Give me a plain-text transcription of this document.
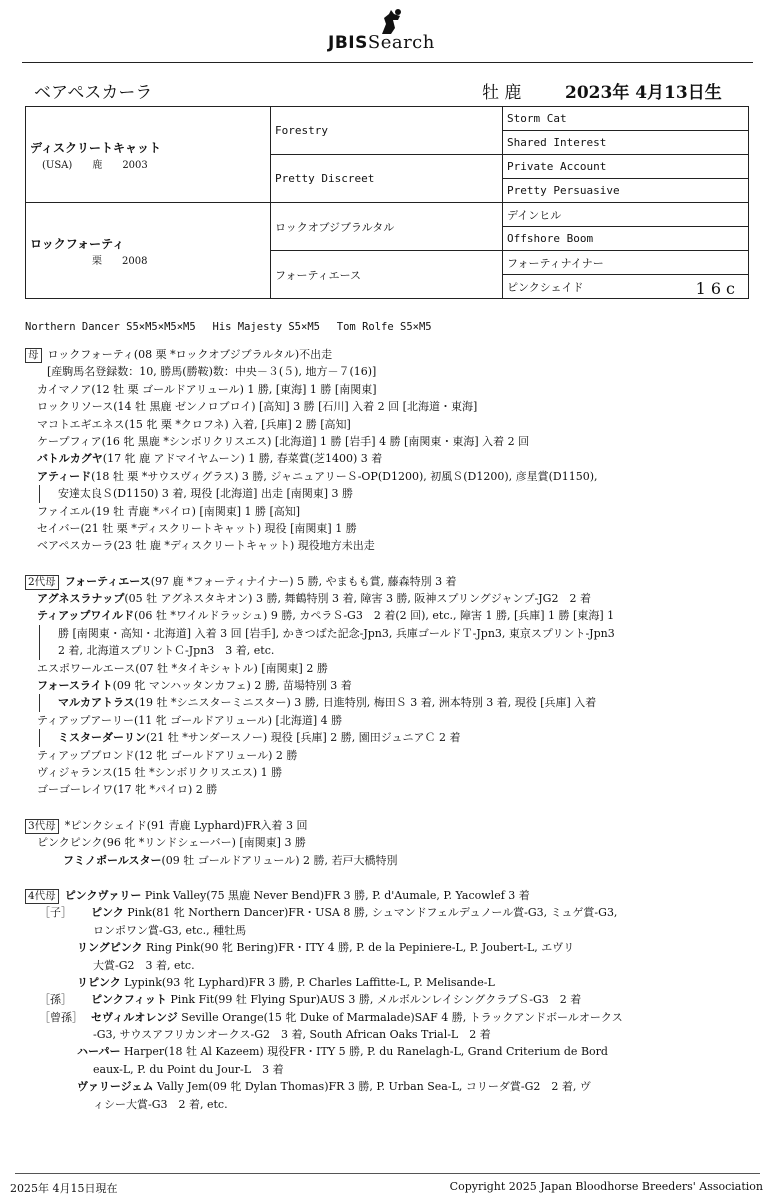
JBISSearch
ベアペスカーラ	牡 鹿	2023年 4月13日生
ディスクリートキャット
(USA)　　 鹿　　 2003	Forestry	Storm Cat
		Shared Interest
	Pretty Discreet	Private Account
		Pretty Persuasive

ロックフォーティ
　　　　　栗　　 2008	ロックオブジブラルタル	デインヒル
		Offshore Boom
	フォーティエース	フォーティナイナー
		ピンクシェイド 16c
Northern Dancer S5×M5×M5×M5　 His Majesty S5×M5　 Tom Rolfe S5×M5
母 ロックフォーティ(08 栗 *ロックオブジブラルタル)不出走
[産駒馬名登録数：10, 勝馬(勝鞍)数：中央－３(５), 地方－７(16)]
カイマノア(12 牡 栗 ゴールドアリュール) 1 勝, [東海] 1 勝 [南関東]
ロックリソース(14 牡 黒鹿 ゼンノロブロイ) [高知] 3 勝 [石川] 入着 2 回 [北海道・東海]
マコトエギエネス(15 牝 栗 *クロフネ) 入着, [兵庫] 2 勝 [高知]
ケープフィア(16 牝 黒鹿 *シンボリクリスエス) [北海道] 1 勝 [岩手] 4 勝 [南関東・東海] 入着 2 回
バトルカグヤ(17 牝 鹿 アドマイヤムーン) 1 勝, 春菜賞(芝1400) 3 着
アティード(18 牡 栗 *サウスヴィグラス) 3 勝, ジャニュアリーＳ-OP(D1200), 初風Ｓ(D1200), 彦星賞(D1150),
安達太良Ｓ(D1150) 3 着, 現役 [北海道] 出走 [南関東] 3 勝
ファイエル(19 牡 青鹿 *パイロ) [南関東] 1 勝 [高知]
セイバー(21 牡 栗 *ディスクリートキャット) 現役 [南関東] 1 勝
ベアペスカーラ(23 牡 鹿 *ディスクリートキャット) 現役地方未出走
2代母 フォーティエース(97 鹿 *フォーティナイナー) 5 勝, やまもも賞, 藤森特別 3 着
アグネスラナップ(05 牡 アグネスタキオン) 3 勝, 舞鶴特別 3 着, 障害 3 勝, 阪神スプリングジャンプ-JG2　2 着
ティアップワイルド(06 牡 *ワイルドラッシュ) 9 勝, カペラＳ-G3　2 着(2 回), etc., 障害 1 勝, [兵庫] 1 勝 [東海] 1
勝 [南関東・高知・北海道] 入着 3 回 [岩手], かきつばた記念-Jpn3, 兵庫ゴールドＴ-Jpn3, 東京スプリント-Jpn3
2 着, 北海道スプリントＣ-Jpn3　3 着, etc.
エスポワールエース(07 牡 *タイキシャトル) [南関東] 2 勝
フォースライト(09 牝 マンハッタンカフェ) 2 勝, 苗場特別 3 着
マルカアトラス(19 牡 *シニスターミニスター) 3 勝, 日進特別, 梅田Ｓ 3 着, 洲本特別 3 着, 現役 [兵庫] 入着
ティアップアーリー(11 牝 ゴールドアリュール) [北海道] 4 勝
ミスターダーリン(21 牡 *サンダースノー) 現役 [兵庫] 2 勝, 園田ジュニアＣ 2 着
ティアップブロンド(12 牝 ゴールドアリュール) 2 勝
ヴィジャランス(15 牡 *シンボリクリスエス) 1 勝
ゴーゴーレイワ(17 牝 *パイロ) 2 勝
3代母 *ピンクシェイド(91 青鹿 Lyphard)FR入着 3 回
ピンクピンク(96 牝 *リンドシェーバー) [南関東] 3 勝
フミノポールスター(09 牡 ゴールドアリュール) 2 勝, 若戸大橋特別
4代母 ピンクヴァリー Pink Valley(75 黒鹿 Never Bend)FR 3 勝, P. d'Aumale, P. Yacowlef 3 着
［子］ ピンク Pink(81 牝 Northern Dancer)FR・USA 8 勝, シュマンドフェルデュノール賞-G3, ミュゲ賞-G3,
ロンポワン賞-G3, etc., 種牡馬
リングピンク Ring Pink(90 牝 Bering)FR・ITY 4 勝, P. de la Pepiniere-L, P. Joubert-L, エヴリ
大賞-G2　3 着, etc.
リピンク Lypink(93 牝 Lyphard)FR 3 勝, P. Charles Laffitte-L, P. Melisande-L
［孫］ ピンクフィット Pink Fit(99 牡 Flying Spur)AUS 3 勝, メルボルンレイシングクラブＳ-G3　2 着
［曾孫］ セヴィルオレンジ Seville Orange(15 牝 Duke of Marmalade)SAF 4 勝, トラックアンドボールオークス
-G3, サウスアフリカンオークス-G2　3 着, South African Oaks Trial-L　2 着
ハーパー Harper(18 牡 Al Kazeem) 現役FR・ITY 5 勝, P. du Ranelagh-L, Grand Criterium de Bord
eaux-L, P. du Point du Jour-L　3 着
ヴァリージェム Vally Jem(09 牝 Dylan Thomas)FR 3 勝, P. Urban Sea-L, コリーダ賞-G2　2 着, ヴ
ィシー大賞-G3　2 着, etc.
2025年 4月15日現在	Copyright 2025 Japan Bloodhorse Breeders' Association
